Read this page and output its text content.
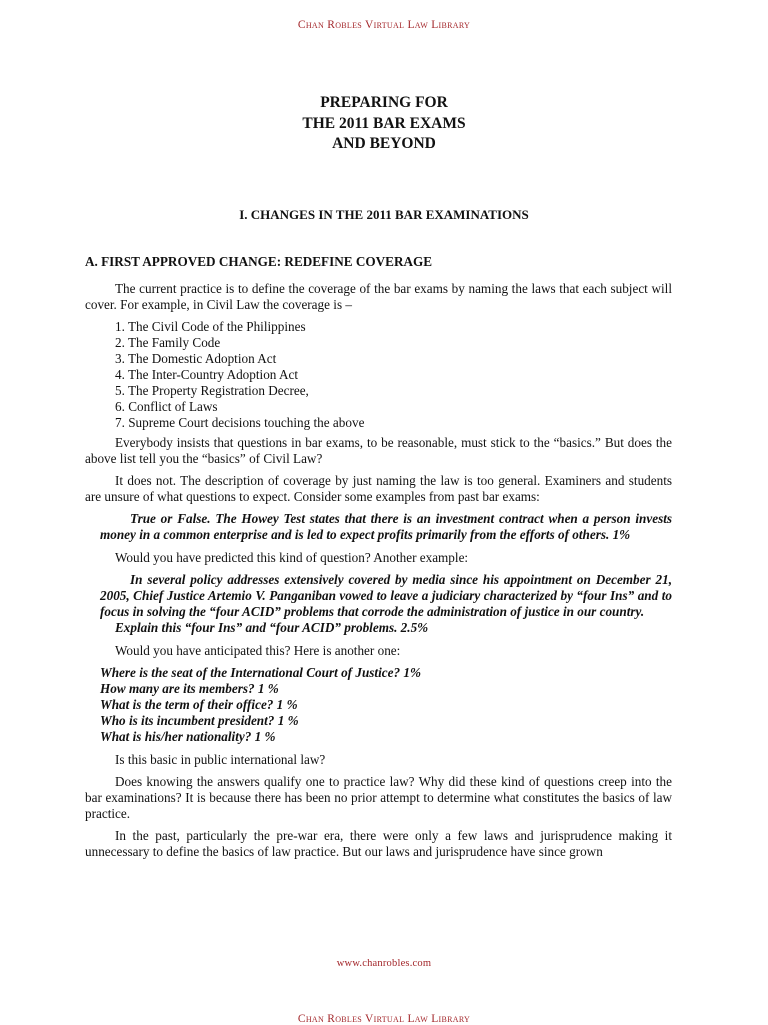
Chan Robles Virtual Law Library
PREPARING FOR
THE 2011 BAR EXAMS
AND BEYOND
I. CHANGES IN THE 2011 BAR EXAMINATIONS
A. FIRST APPROVED CHANGE: REDEFINE COVERAGE

The current practice is to define the coverage of the bar exams by naming the laws that each subject will cover. For example, in Civil Law the coverage is –

1. The Civil Code of the Philippines
2. The Family Code
3. The Domestic Adoption Act
4. The Inter-Country Adoption Act
5. The Property Registration Decree,
6. Conflict of Laws
7. Supreme Court decisions touching the above

Everybody insists that questions in bar exams, to be reasonable, must stick to the “basics.” But does the above list tell you the “basics” of Civil Law?

It does not. The description of coverage by just naming the law is too general. Examiners and students are unsure of what questions to expect. Consider some examples from past bar exams:

True or False. The Howey Test states that there is an investment contract when a person invests money in a common enterprise and is led to expect profits primarily from the efforts of others. 1%

Would you have predicted this kind of question? Another example:

In several policy addresses extensively covered by media since his appointment on December 21, 2005, Chief Justice Artemio V. Panganiban vowed to leave a judiciary characterized by “four Ins” and to focus in solving the “four ACID” problems that corrode the administration of justice in our country.
Explain this “four Ins” and “four ACID” problems. 2.5%

Would you have anticipated this? Here is another one:

Where is the seat of the International Court of Justice? 1%
How many are its members? 1 %
What is the term of their office? 1 %
Who is its incumbent president? 1 %
What is his/her nationality? 1 %

Is this basic in public international law?

Does knowing the answers qualify one to practice law? Why did these kind of questions creep into the bar examinations? It is because there has been no prior attempt to determine what constitutes the basics of law practice.

In the past, particularly the pre-war era, there were only a few laws and jurisprudence making it unnecessary to define the basics of law practice. But our laws and jurisprudence have since grown

www.chanrobles.com
Chan Robles Virtual Law Library
